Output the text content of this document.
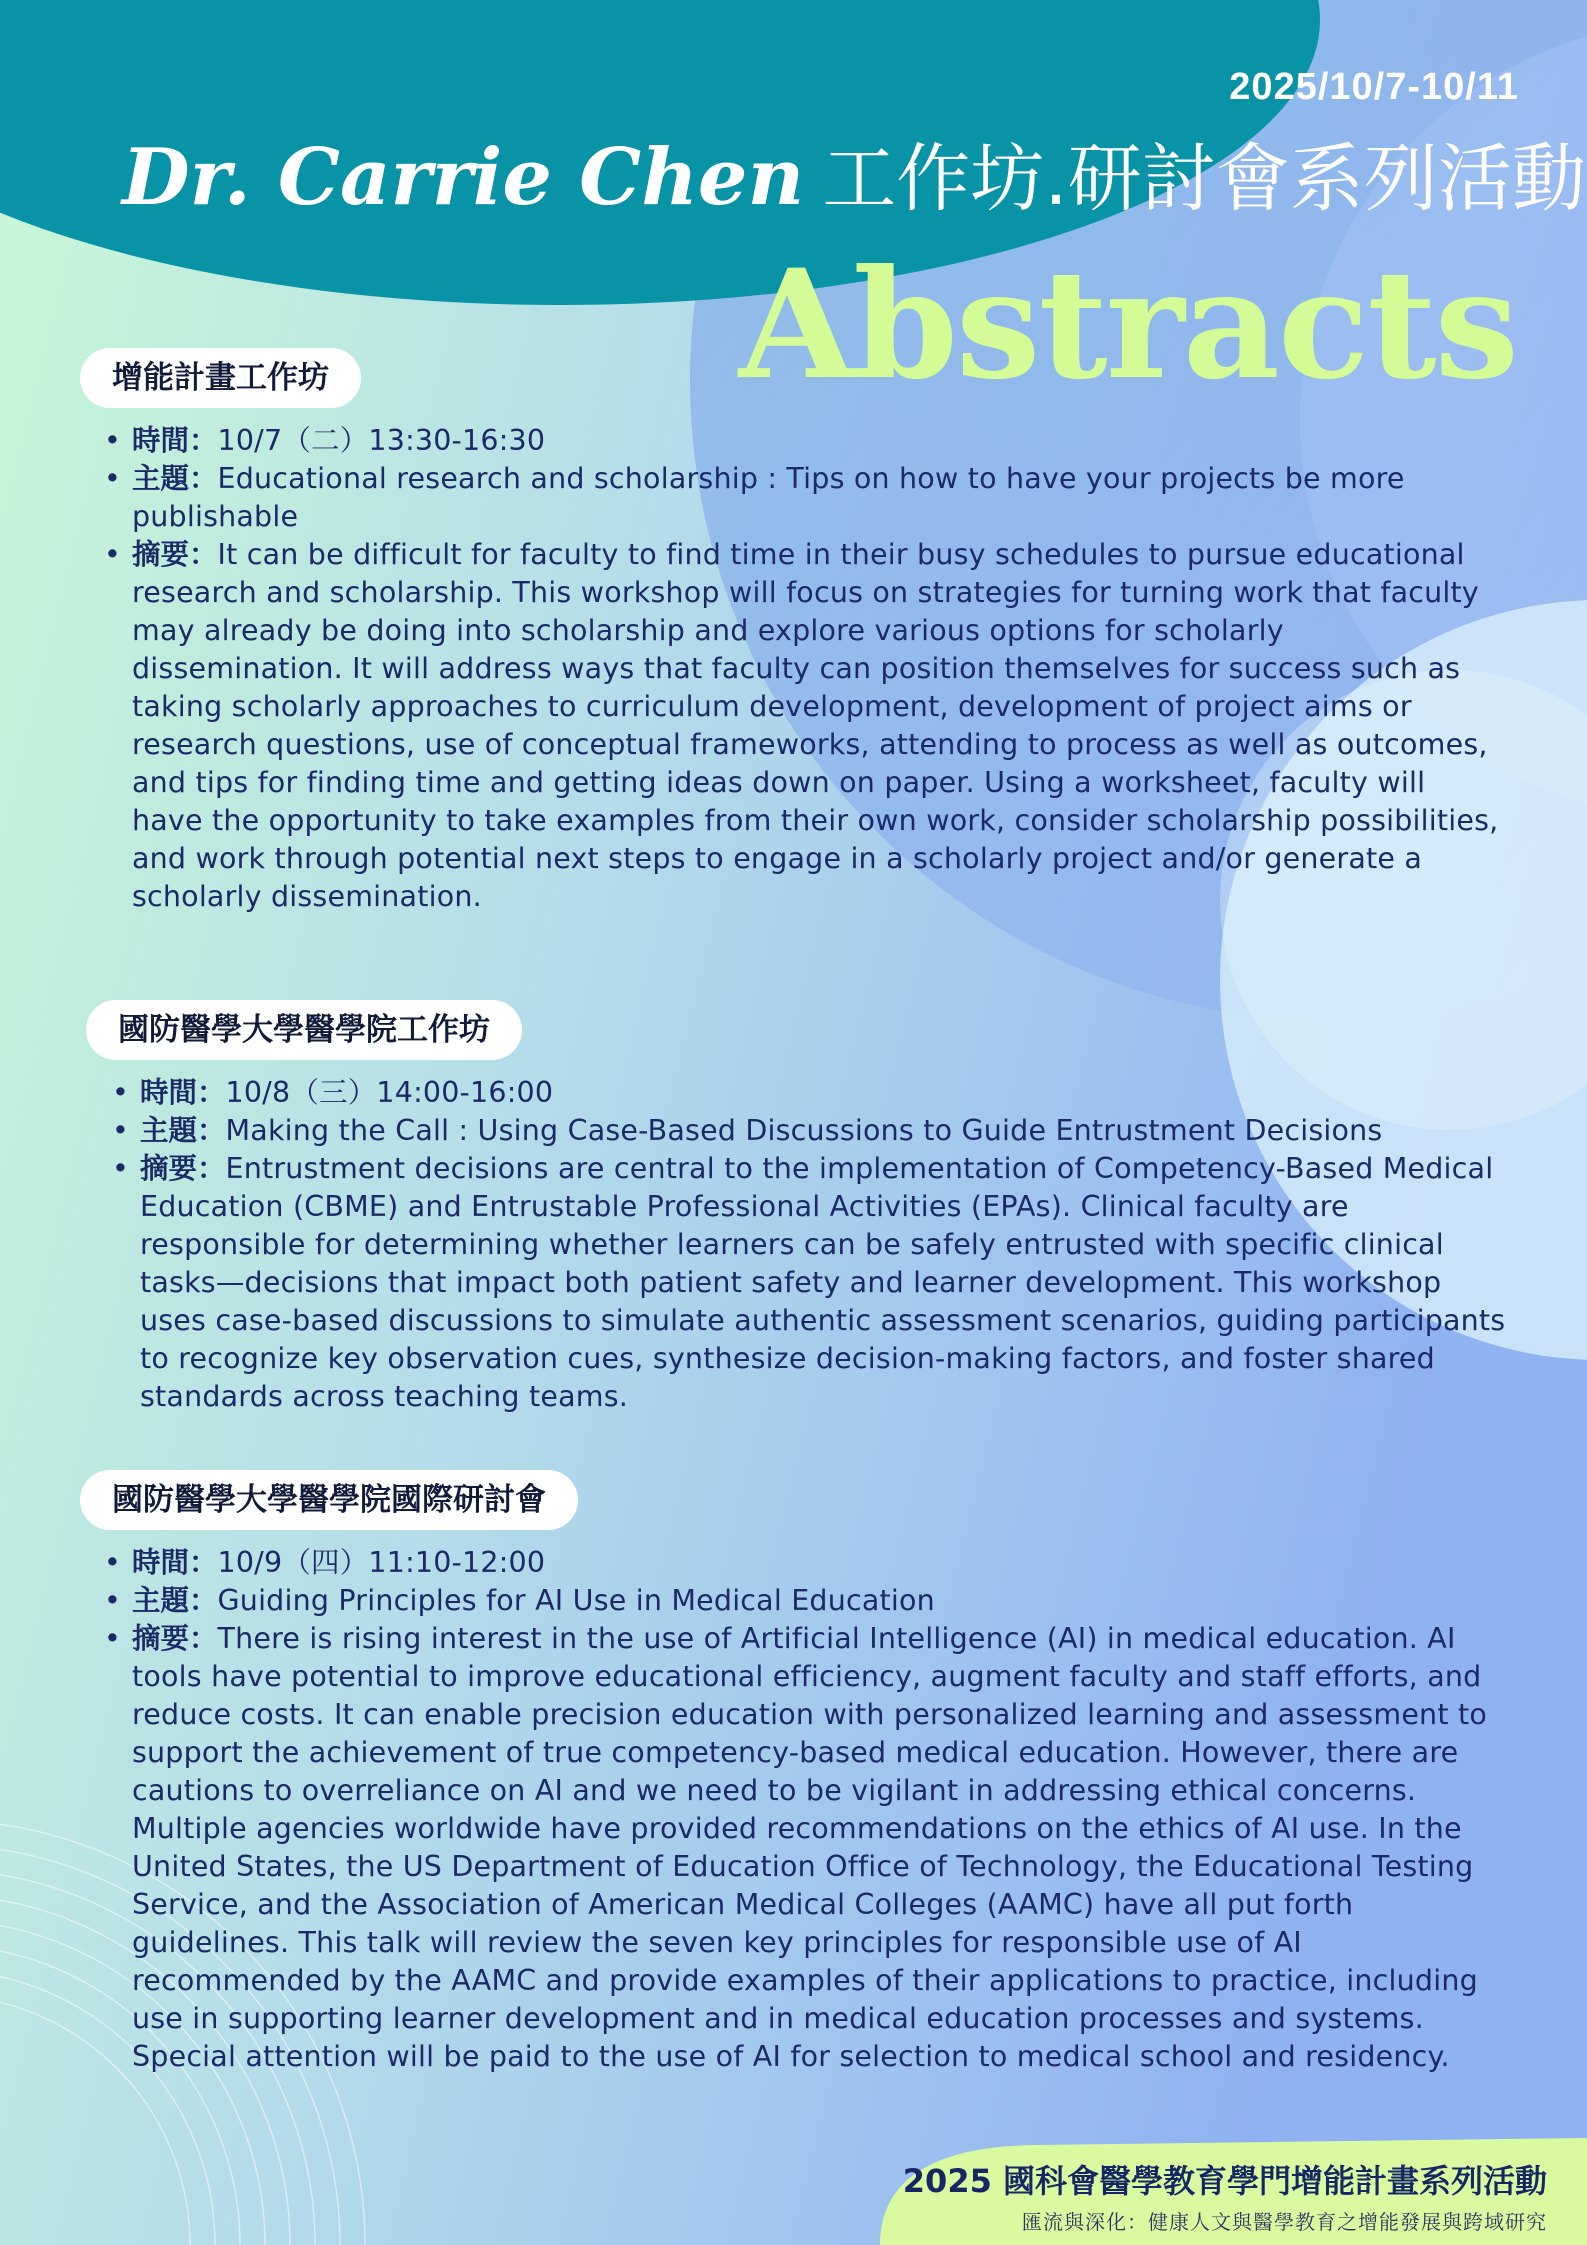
2025/10/7-10/11
Dr. Carrie Chen 工作坊.研討會系列活動
Abstracts
增能計畫工作坊
• 時間：10/7（二）13:30-16:30
• 主題：Educational research and scholarship : Tips on how to have your projects be more publishable
• 摘要：It can be difficult for faculty to find time in their busy schedules to pursue educational research and scholarship. This workshop will focus on strategies for turning work that faculty may already be doing into scholarship and explore various options for scholarly dissemination. It will address ways that faculty can position themselves for success such as taking scholarly approaches to curriculum development, development of project aims or research questions, use of conceptual frameworks, attending to process as well as outcomes, and tips for finding time and getting ideas down on paper. Using a worksheet, faculty will have the opportunity to take examples from their own work, consider scholarship possibilities, and work through potential next steps to engage in a scholarly project and/or generate a scholarly dissemination.
國防醫學大學醫學院工作坊
• 時間：10/8（三）14:00-16:00
• 主題：Making the Call : Using Case-Based Discussions to Guide Entrustment Decisions
• 摘要：Entrustment decisions are central to the implementation of Competency-Based Medical Education (CBME) and Entrustable Professional Activities (EPAs). Clinical faculty are responsible for determining whether learners can be safely entrusted with specific clinical tasks—decisions that impact both patient safety and learner development. This workshop uses case-based discussions to simulate authentic assessment scenarios, guiding participants to recognize key observation cues, synthesize decision-making factors, and foster shared standards across teaching teams.
國防醫學大學醫學院國際研討會
• 時間：10/9（四）11:10-12:00
• 主題：Guiding Principles for AI Use in Medical Education
• 摘要：There is rising interest in the use of Artificial Intelligence (AI) in medical education. AI tools have potential to improve educational efficiency, augment faculty and staff efforts, and reduce costs. It can enable precision education with personalized learning and assessment to support the achievement of true competency-based medical education. However, there are cautions to overreliance on AI and we need to be vigilant in addressing ethical concerns. Multiple agencies worldwide have provided recommendations on the ethics of AI use. In the United States, the US Department of Education Office of Technology, the Educational Testing Service, and the Association of American Medical Colleges (AAMC) have all put forth guidelines. This talk will review the seven key principles for responsible use of AI recommended by the AAMC and provide examples of their applications to practice, including use in supporting learner development and in medical education processes and systems. Special attention will be paid to the use of AI for selection to medical school and residency.
2025 國科會醫學教育學門增能計畫系列活動
匯流與深化：健康人文與醫學教育之增能發展與跨域研究
